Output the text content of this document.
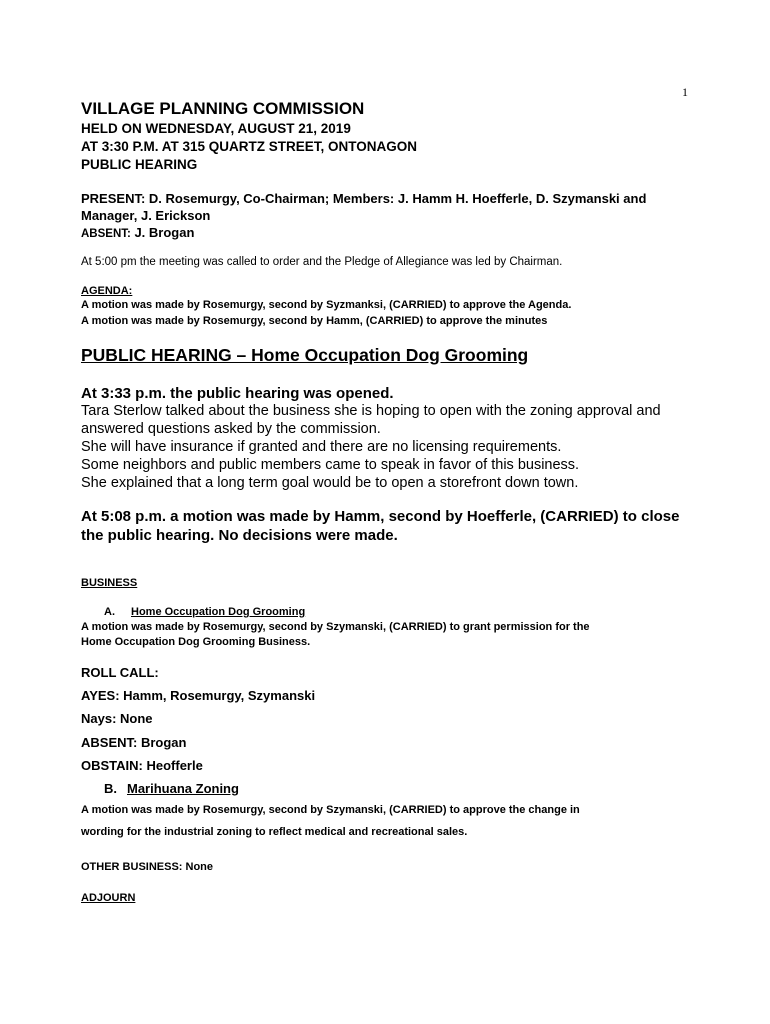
1
VILLAGE PLANNING COMMISSION
HELD ON WEDNESDAY, AUGUST 21, 2019
AT 3:30 P.M. AT 315 QUARTZ STREET, ONTONAGON
PUBLIC HEARING
PRESENT: D. Rosemurgy, Co-Chairman; Members: J. Hamm H. Hoefferle, D. Szymanski and
Manager, J. Erickson
ABSENT: J. Brogan
At 5:00 pm the meeting was called to order and the Pledge of Allegiance was led by Chairman.
AGENDA:
A motion was made by Rosemurgy, second by Syzmanksi, (CARRIED) to approve the Agenda.
A motion was made by Rosemurgy, second by Hamm, (CARRIED) to approve the minutes
PUBLIC HEARING – Home Occupation Dog Grooming
At 3:33 p.m. the public hearing was opened.
Tara Sterlow talked about the business she is hoping to open with the zoning approval and
answered questions asked by the commission.
She will have insurance if granted and there are no licensing requirements.
Some neighbors and public members came to speak in favor of this business.
She explained that a long term goal would be to open a storefront down town.
At 5:08 p.m. a motion was made by Hamm, second by Hoefferle, (CARRIED) to close
the public hearing. No decisions were made.
BUSINESS
A. Home Occupation Dog Grooming
A motion was made by Rosemurgy, second by Szymanski, (CARRIED) to grant permission for the
Home Occupation Dog Grooming Business.
ROLL CALL:
AYES: Hamm, Rosemurgy, Szymanski
Nays: None
ABSENT: Brogan
OBSTAIN: Heofferle
B. Marihuana Zoning
A motion was made by Rosemurgy, second by Szymanski, (CARRIED) to approve the change in
wording for the industrial zoning to reflect medical and recreational sales.
OTHER BUSINESS: None
ADJOURN
